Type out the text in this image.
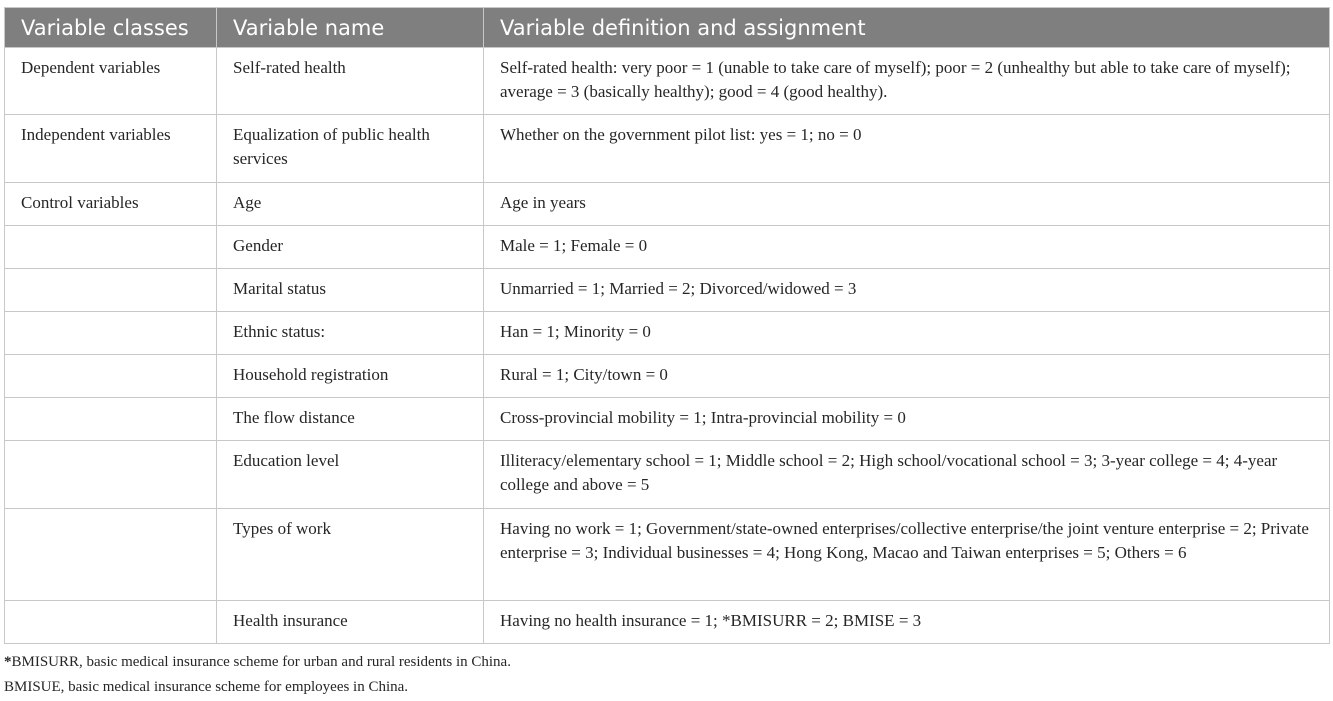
Variable classes	Variable name	Variable definition and assignment
Dependent variables	Self-rated health	Self-rated health: very poor = 1 (unable to take care of myself); poor = 2 (unhealthy but able to take care of myself); average = 3 (basically healthy); good = 4 (good healthy).
Independent variables	Equalization of public health services	Whether on the government pilot list: yes = 1; no = 0
Control variables	Age	Age in years
	Gender	Male = 1; Female = 0
	Marital status	Unmarried = 1; Married = 2; Divorced/widowed = 3
	Ethnic status:	Han = 1; Minority = 0
	Household registration	Rural = 1; City/town = 0
	The flow distance	Cross-provincial mobility = 1; Intra-provincial mobility = 0
	Education level	Illiteracy/elementary school = 1; Middle school = 2; High school/vocational school = 3; 3-year college = 4; 4-year college and above = 5
	Types of work	Having no work = 1; Government/state-owned enterprises/collective enterprise/the joint venture enterprise = 2; Private enterprise = 3; Individual businesses = 4; Hong Kong, Macao and Taiwan enterprises = 5; Others = 6
	Health insurance	Having no health insurance = 1; *BMISURR = 2; BMISE = 3
*BMISURR, basic medical insurance scheme for urban and rural residents in China.
BMISUE, basic medical insurance scheme for employees in China.
